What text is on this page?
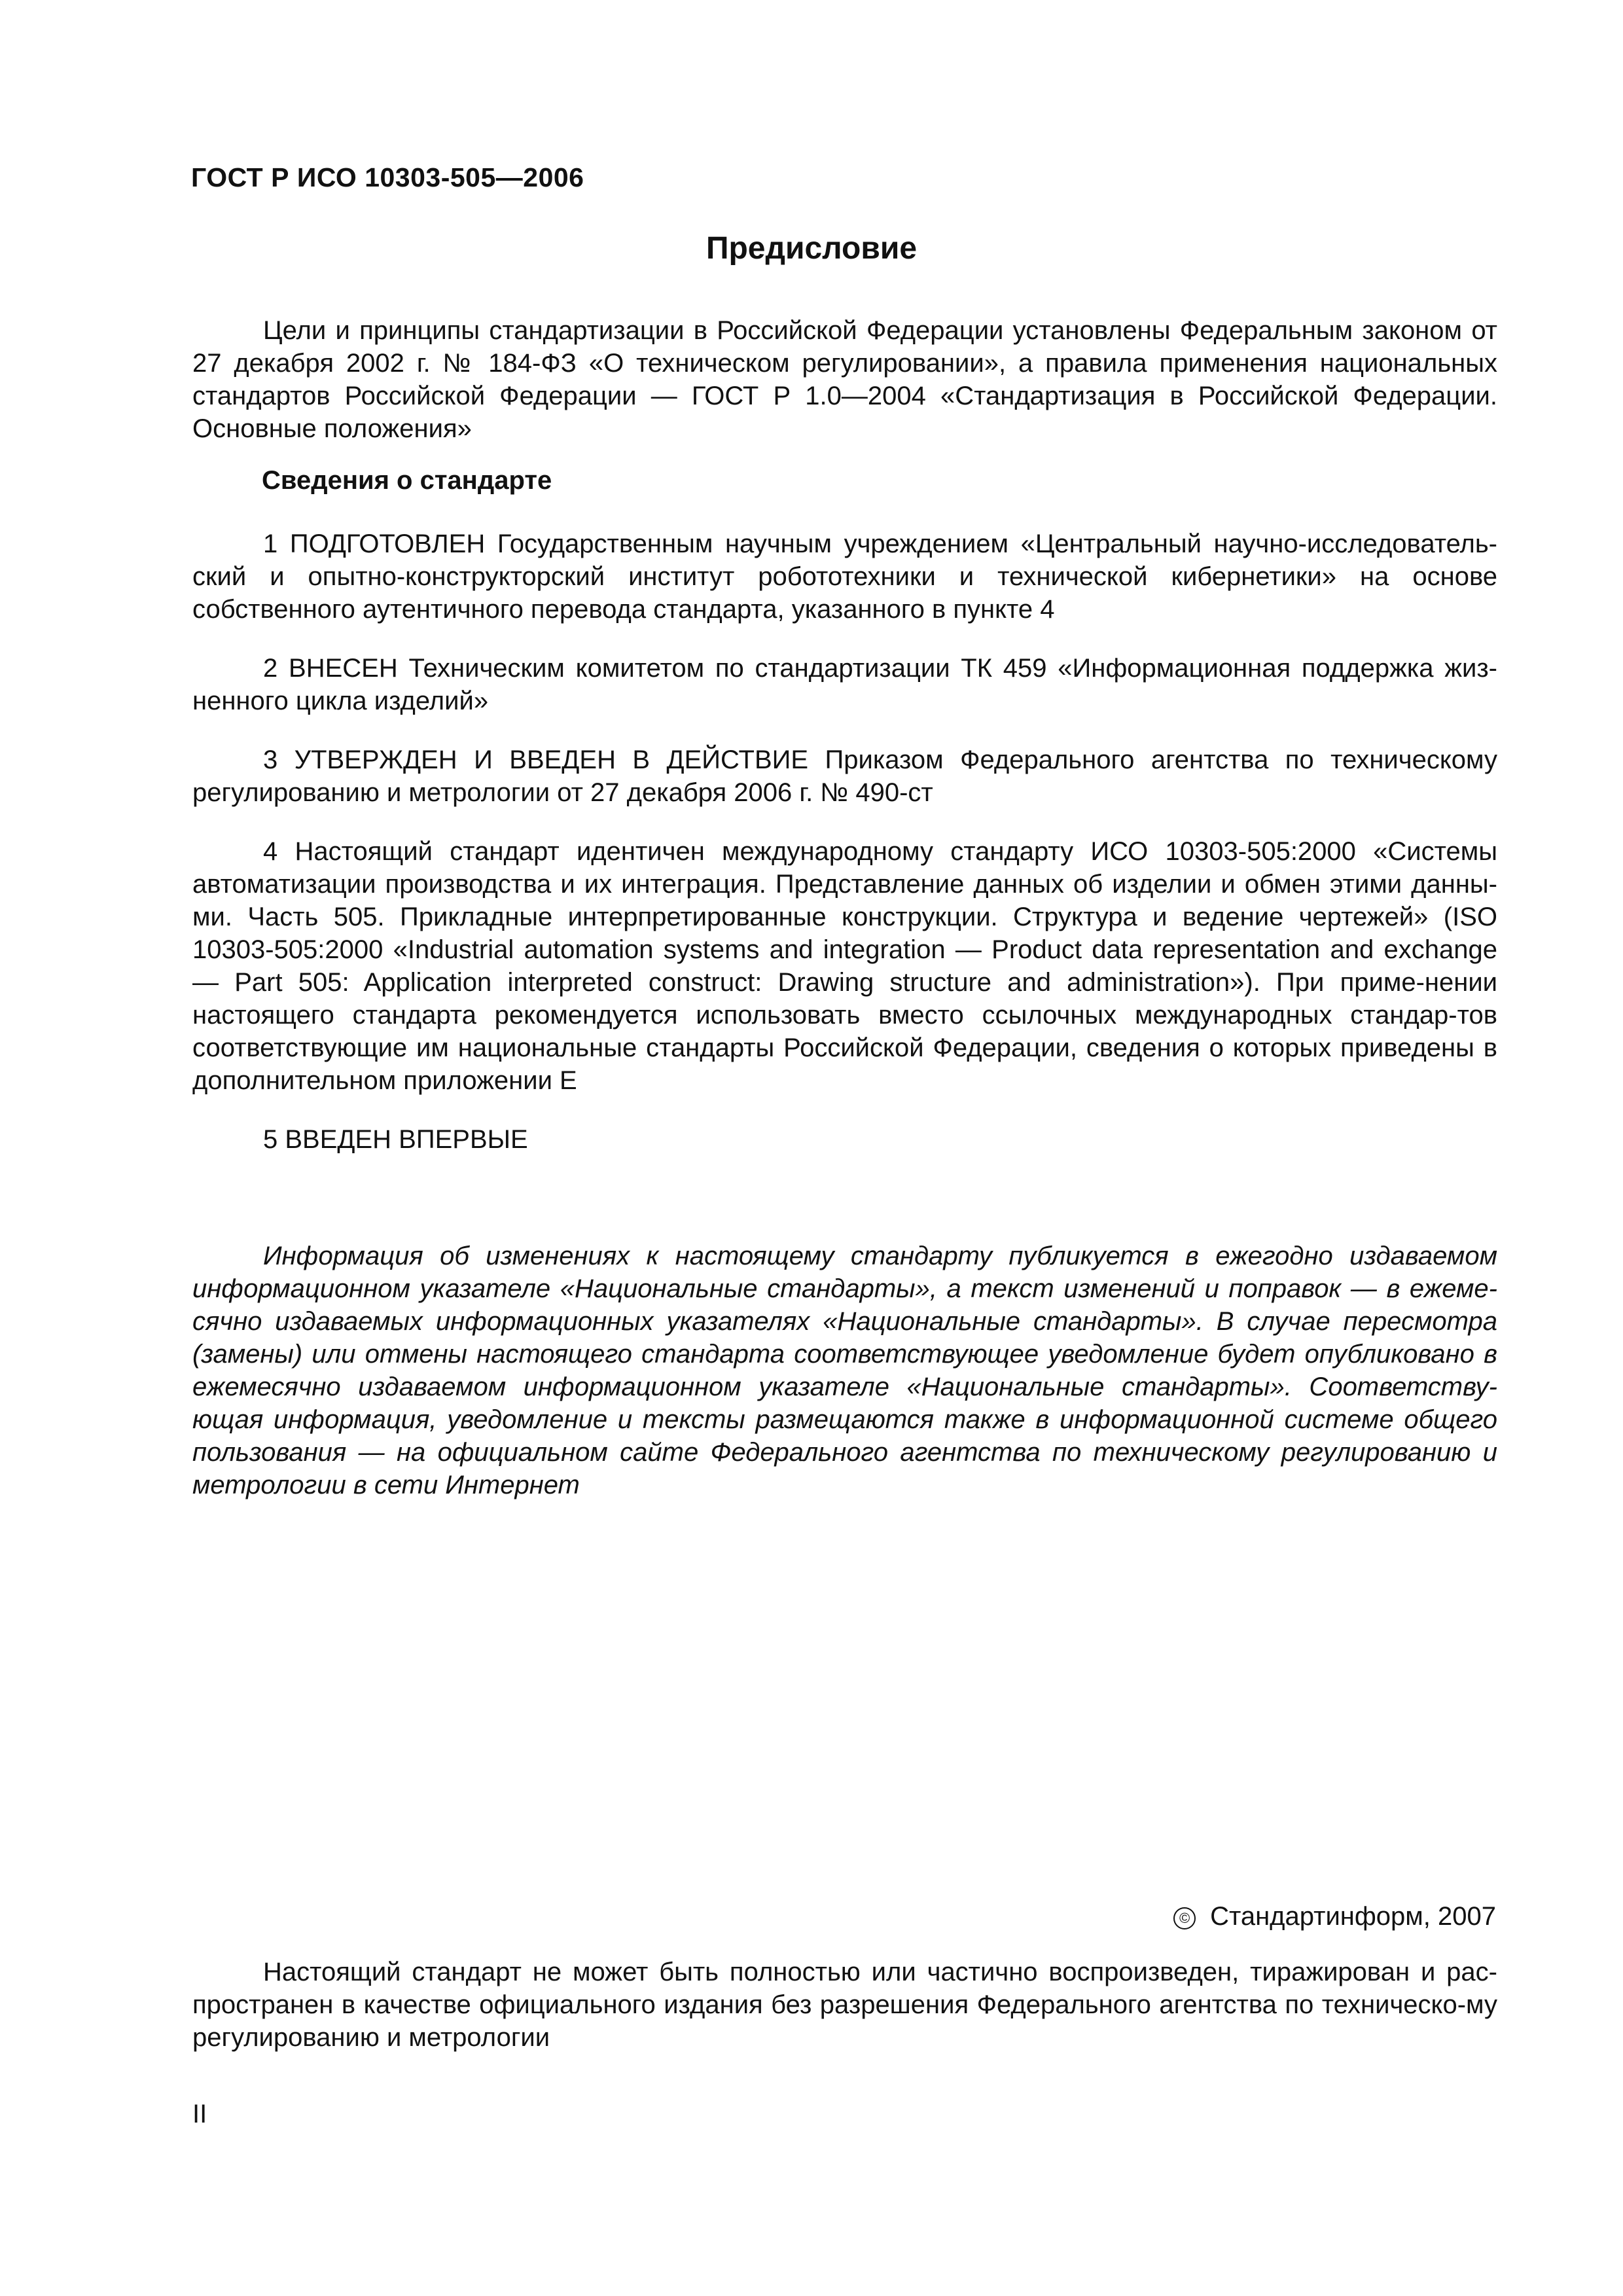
ГОСТ Р ИСО 10303-505—2006

Предисловие

Цели и принципы стандартизации в Российской Федерации установлены Федеральным законом от 27 декабря 2002 г. № 184-ФЗ «О техническом регулировании», а правила применения национальных стандартов Российской Федерации — ГОСТ Р 1.0—2004 «Стандартизация в Российской Федерации. Основные положения»

Сведения о стандарте

1 ПОДГОТОВЛЕН Государственным научным учреждением «Центральный научно-исследователь-ский и опытно-конструкторский институт робототехники и технической кибернетики» на основе собственного аутентичного перевода стандарта, указанного в пункте 4

2 ВНЕСЕН Техническим комитетом по стандартизации ТК 459 «Информационная поддержка жиз-ненного цикла изделий»

3 УТВЕРЖДЕН И ВВЕДЕН В ДЕЙСТВИЕ Приказом Федерального агентства по техническому регулированию и метрологии от 27 декабря 2006 г. № 490-ст

4 Настоящий стандарт идентичен международному стандарту ИСО 10303-505:2000 «Системы автоматизации производства и их интеграция. Представление данных об изделии и обмен этими данны-ми. Часть 505. Прикладные интерпретированные конструкции. Структура и ведение чертежей» (ISO 10303-505:2000 «Industrial automation systems and integration — Product data representation and exchange — Part 505: Application interpreted construct: Drawing structure and administration»). При приме-нении настоящего стандарта рекомендуется использовать вместо ссылочных международных стандар-тов соответствующие им национальные стандарты Российской Федерации, сведения о которых приведены в дополнительном приложении Е

5 ВВЕДЕН ВПЕРВЫЕ

Информация об изменениях к настоящему стандарту публикуется в ежегодно издаваемом информационном указателе «Национальные стандарты», а текст изменений и поправок — в ежеме-сячно издаваемых информационных указателях «Национальные стандарты». В случае пересмотра (замены) или отмены настоящего стандарта соответствующее уведомление будет опубликовано в ежемесячно издаваемом информационном указателе «Национальные стандарты». Соответству-ющая информация, уведомление и тексты размещаются также в информационной системе общего пользования — на официальном сайте Федерального агентства по техническому регулированию и метрологии в сети Интернет

© Стандартинформ, 2007

Настоящий стандарт не может быть полностью или частично воспроизведен, тиражирован и рас-пространен в качестве официального издания без разрешения Федерального агентства по техническо-му регулированию и метрологии

II
